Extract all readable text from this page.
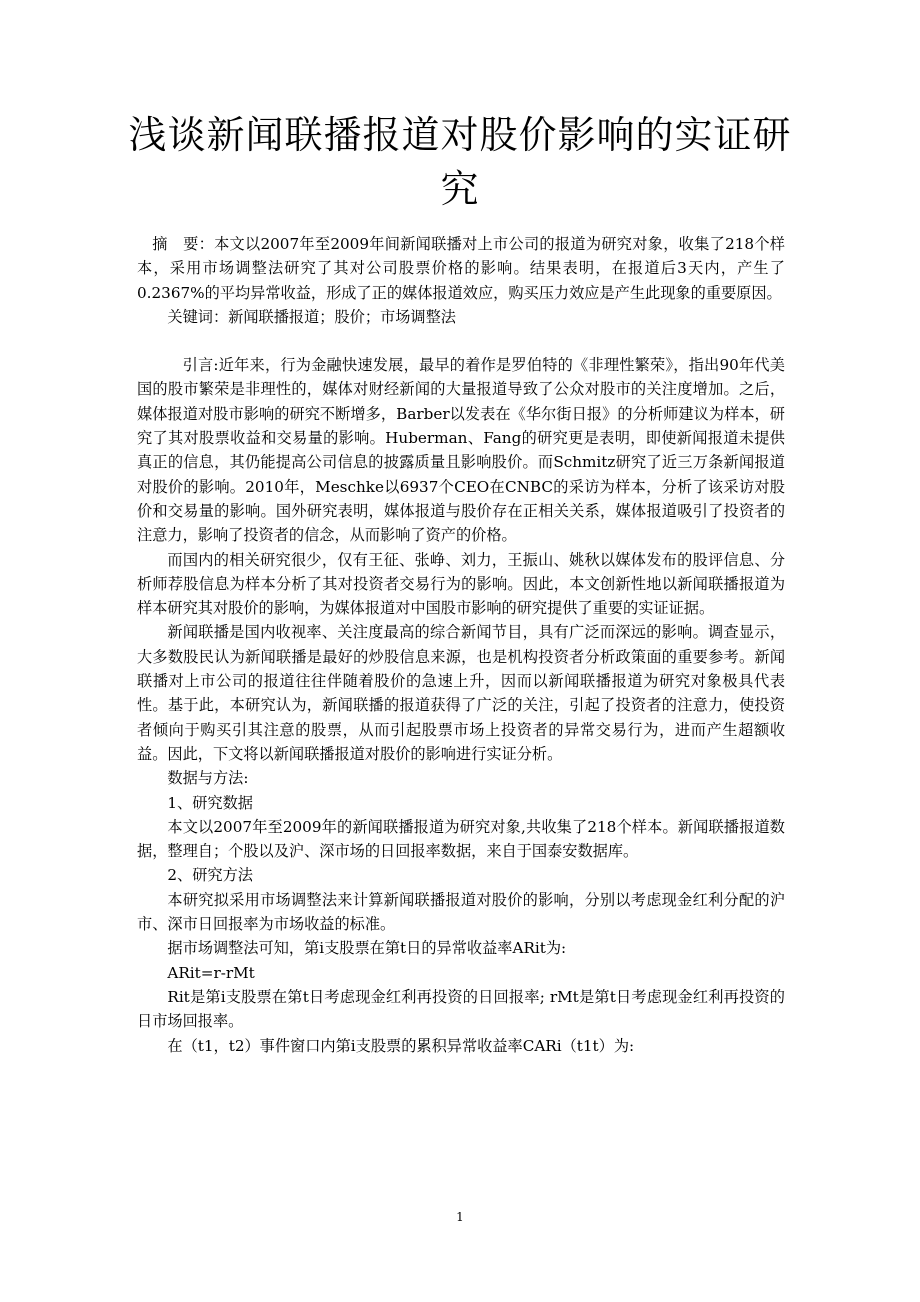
浅谈新闻联播报道对股价影响的实证研究

摘　要：本文以2007年至2009年间新闻联播对上市公司的报道为研究对象，收集了218个样本，采用市场调整法研究了其对公司股票价格的影响。结果表明，在报道后3天内，产生了0.2367%的平均异常收益，形成了正的媒体报道效应，购买压力效应是产生此现象的重要原因。

关键词：新闻联播报道；股价；市场调整法

引言:近年来，行为金融快速发展，最早的着作是罗伯特的《非理性繁荣》，指出90年代美国的股市繁荣是非理性的，媒体对财经新闻的大量报道导致了公众对股市的关注度增加。之后，媒体报道对股市影响的研究不断增多，Barber以发表在《华尔街日报》的分析师建议为样本，研究了其对股票收益和交易量的影响。Huberman、Fang的研究更是表明，即使新闻报道未提供真正的信息，其仍能提高公司信息的披露质量且影响股价。而Schmitz研究了近三万条新闻报道对股价的影响。2010年，Meschke以6937个CEO在CNBC的采访为样本，分析了该采访对股价和交易量的影响。国外研究表明，媒体报道与股价存在正相关关系，媒体报道吸引了投资者的注意力，影响了投资者的信念，从而影响了资产的价格。

而国内的相关研究很少，仅有王征、张峥、刘力，王振山、姚秋以媒体发布的股评信息、分析师荐股信息为样本分析了其对投资者交易行为的影响。因此，本文创新性地以新闻联播报道为样本研究其对股价的影响，为媒体报道对中国股市影响的研究提供了重要的实证证据。

新闻联播是国内收视率、关注度最高的综合新闻节目，具有广泛而深远的影响。调查显示，大多数股民认为新闻联播是最好的炒股信息来源，也是机构投资者分析政策面的重要参考。新闻联播对上市公司的报道往往伴随着股价的急速上升，因而以新闻联播报道为研究对象极具代表性。基于此，本研究认为，新闻联播的报道获得了广泛的关注，引起了投资者的注意力，使投资者倾向于购买引其注意的股票，从而引起股票市场上投资者的异常交易行为，进而产生超额收益。因此，下文将以新闻联播报道对股价的影响进行实证分析。

数据与方法:

1、研究数据

本文以2007年至2009年的新闻联播报道为研究对象,共收集了218个样本。新闻联播报道数据，整理自；个股以及沪、深市场的日回报率数据，来自于国泰安数据库。

2、研究方法

本研究拟采用市场调整法来计算新闻联播报道对股价的影响，分别以考虑现金红利分配的沪市、深市日回报率为市场收益的标准。

据市场调整法可知，第i支股票在第t日的异常收益率ARit为:

ARit=r-rMt

Rit是第i支股票在第t日考虑现金红利再投资的日回报率; rMt是第t日考虑现金红利再投资的日市场回报率。

在（t1，t2）事件窗口内第i支股票的累积异常收益率CARi（t1t）为:

1
